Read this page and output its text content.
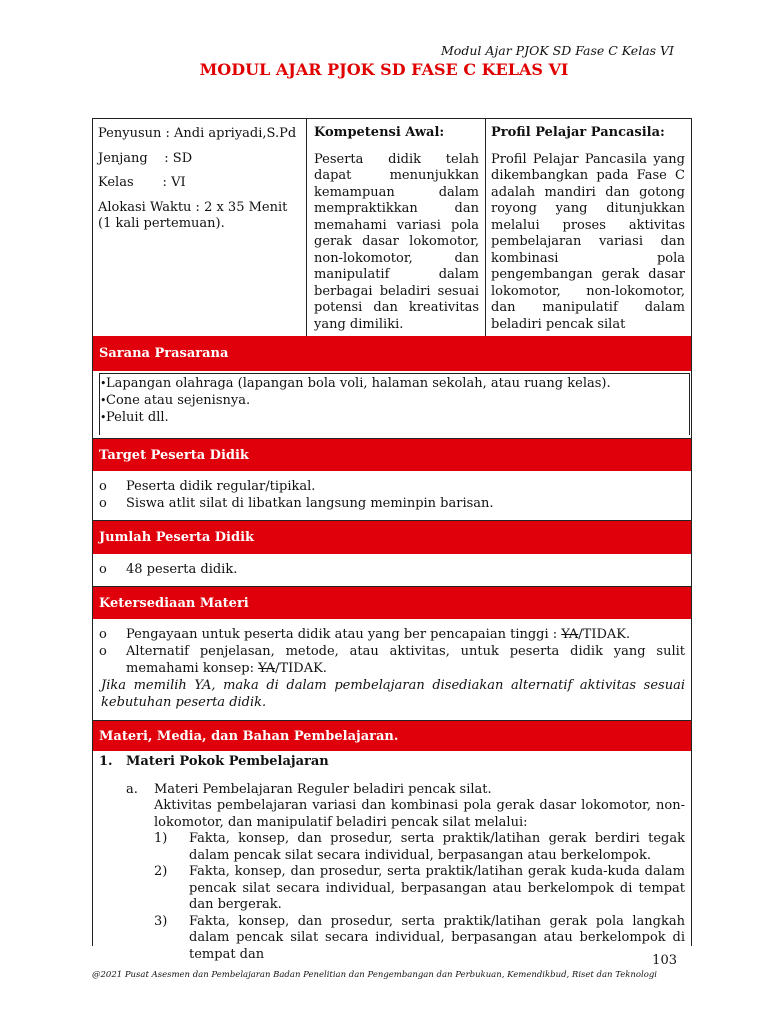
Modul Ajar PJOK SD Fase C Kelas VI
MODUL AJAR PJOK SD FASE C KELAS VI
Penyusun : Andi apriyadi,S.Pd
Jenjang    : SD
Kelas       : VI
Alokasi Waktu : 2 x 35 Menit (1 kali pertemuan).
Kompetensi Awal:
Peserta didik telah dapat menunjukkan kemampuan dalam mempraktikkan dan memahami variasi pola gerak dasar lokomotor, non-lokomotor, dan manipulatif dalam berbagai beladiri sesuai potensi dan kreativitas yang dimiliki.
Profil Pelajar Pancasila:
Profil Pelajar Pancasila yang dikembangkan pada Fase C adalah mandiri dan gotong royong yang ditunjukkan melalui proses aktivitas pembelajaran variasi dan kombinasi pola pengembangan gerak dasar lokomotor, non-lokomotor, dan manipulatif dalam beladiri pencak silat
Sarana Prasarana
• Lapangan olahraga (lapangan bola voli, halaman sekolah, atau ruang kelas).
• Cone atau sejenisnya.
• Peluit dll.
Target Peserta Didik
o	Peserta didik regular/tipikal.
o	Siswa atlit silat di libatkan langsung meminpin barisan.
Jumlah Peserta Didik
o	48 peserta didik.
Ketersediaan Materi
o	Pengayaan untuk peserta didik atau yang ber pencapaian tinggi : YA/TIDAK.
o	Alternatif penjelasan, metode, atau aktivitas, untuk peserta didik yang sulit memahami konsep: YA/TIDAK.
Jika memilih YA, maka di dalam pembelajaran disediakan alternatif aktivitas sesuai kebutuhan peserta didik.
Materi, Media, dan Bahan Pembelajaran.
1.	Materi Pokok Pembelajaran
a.	Materi Pembelajaran Reguler beladiri pencak silat.
Aktivitas pembelajaran variasi dan kombinasi pola gerak dasar lokomotor, non-lokomotor, dan manipulatif beladiri pencak silat melalui:
1)	Fakta, konsep, dan prosedur, serta praktik/latihan gerak berdiri tegak dalam pencak silat secara individual, berpasangan atau berkelompok.
2)	Fakta, konsep, dan prosedur, serta praktik/latihan gerak kuda-kuda dalam pencak silat secara individual, berpasangan atau berkelompok di tempat dan bergerak.
3)	Fakta, konsep, dan prosedur, serta praktik/latihan gerak pola langkah dalam pencak silat secara individual, berpasangan atau berkelompok di tempat dan	103
@2021 Pusat Asesmen dan Pembelajaran Badan Penelitian dan Pengembangan dan Perbukuan, Kemendikbud, Riset dan Teknologi
